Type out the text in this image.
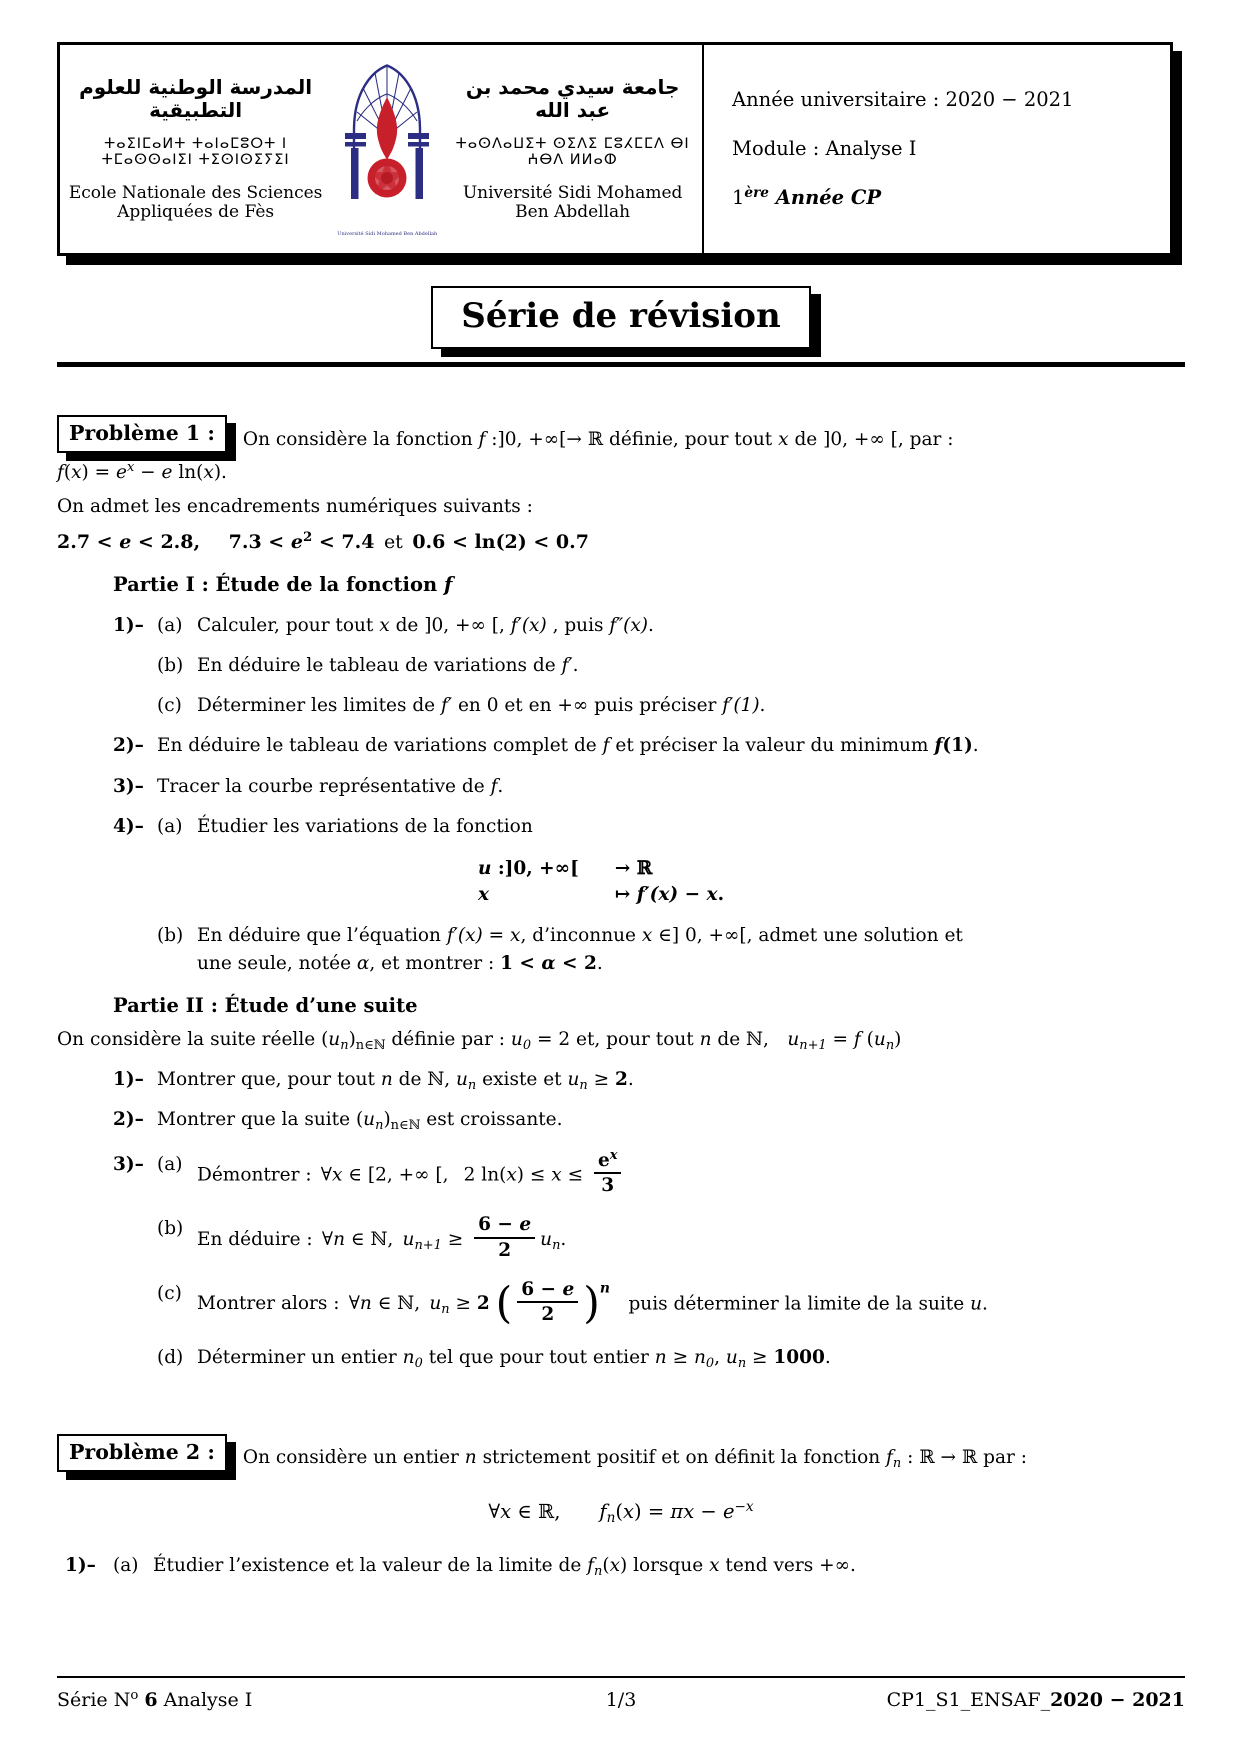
المدرسة الوطنية للعلوم التطبيقية
ⵜⴰⵉⵏⵎⴰⵍⵜ ⵜⴰⵏⴰⵎⵓⵔⵜ ⵏ ⵜⵎⴰⵙⵙⴰⵏⵉⵏ ⵜⵉⵙⵏⵙⵉⵢⵉⵏ
Ecole Nationale des Sciences Appliquées de Fès
Université Sidi Mohamed Ben Abdellah
جامعة سيدي محمد بن عبد الله
ⵜⴰⵙⴷⴰⵡⵉⵜ ⵙⵉⴷⵉ ⵎⵓⵃⵎⵎⴷ ⴱⵏ ⵄⴱⴷ ⵍⵍⴰⵀ
Université Sidi Mohamed Ben Abdellah
Année universitaire : 2020 − 2021
Module : Analyse I
1ère Année CP
Série de révision
Problème 1 :	On considère la fonction f :]0, +∞[→ ℝ définie, pour tout x de ]0, +∞ [, par :
$f(x) = e^x - e$ ln(x).
On admet les encadrements numériques suivants :
2.7 < e < 2.8,   $7.3 < e^2 < 7.4$ et 0.6 < ln(2) < 0.7
Partie I : Étude de la fonction f
1)– (a) Calculer, pour tout x de ]0, +∞ [, f′(x) , puis f″(x).
(b) En déduire le tableau de variations de f′.
(c) Déterminer les limites de f′ en 0 et en +∞ puis préciser f′(1).
2)– En déduire le tableau de variations complet de f et préciser la valeur du minimum f(1).
3)– Tracer la courbe représentative de f.
4)– (a) Étudier les variations de la fonction
u :]0, +∞[ → ℝ
x	↦ f′(x) − x.
(b) En déduire que l’équation f′(x) = x, d’inconnue x ∈] 0, +∞[, admet une solution et
une seule, notée α, et montrer : 1 < α < 2.
Partie II : Étude d’une suite
On considère la suite réelle $(u_n)_{n\in ℕ}$ définie par : $u_0 = 2$ et, pour tout n de ℕ,  $u_{n+1} = f$ $(u_n)$
1)– Montrer que, pour tout n de ℕ, $u_n$ existe et $u_n \ge 2$.
2)– Montrer que la suite $(u_n)_{n\in ℕ}$ est croissante.
3)– (a) Démontrer : ∀x ∈ [2, +∞ [,  2 $\ln(x) \le x \le \frac{e^x}{3}$
(b) En déduire : ∀n ∈ ℕ, $u_{n+1} \ge \frac{6 - e}{2} u_n$.
(c) Montrer alors : ∀n ∈ ℕ, $u_n \ge 2$ ( $\frac{6 - e}{2} )^n$ puis déterminer la limite de la suite u.
(d) Déterminer un entier $n_0$ tel que pour tout entier $n \ge n_0$, $u_n \ge 1000$.
Problème 2 :	On considère un entier n strictement positif et on définit la fonction $f_n$ : ℝ → ℝ par :
∀x ∈ ℝ,   $f_n(x) = \pi x - e^{-x}$
1)– (a) Étudier l’existence et la valeur de la limite de $f_n(x)$ lorsque x tend vers +∞.
Série $N^o$ 6 Analyse I	1/3	CP1_S1_ENSAF_2020 − 2021
